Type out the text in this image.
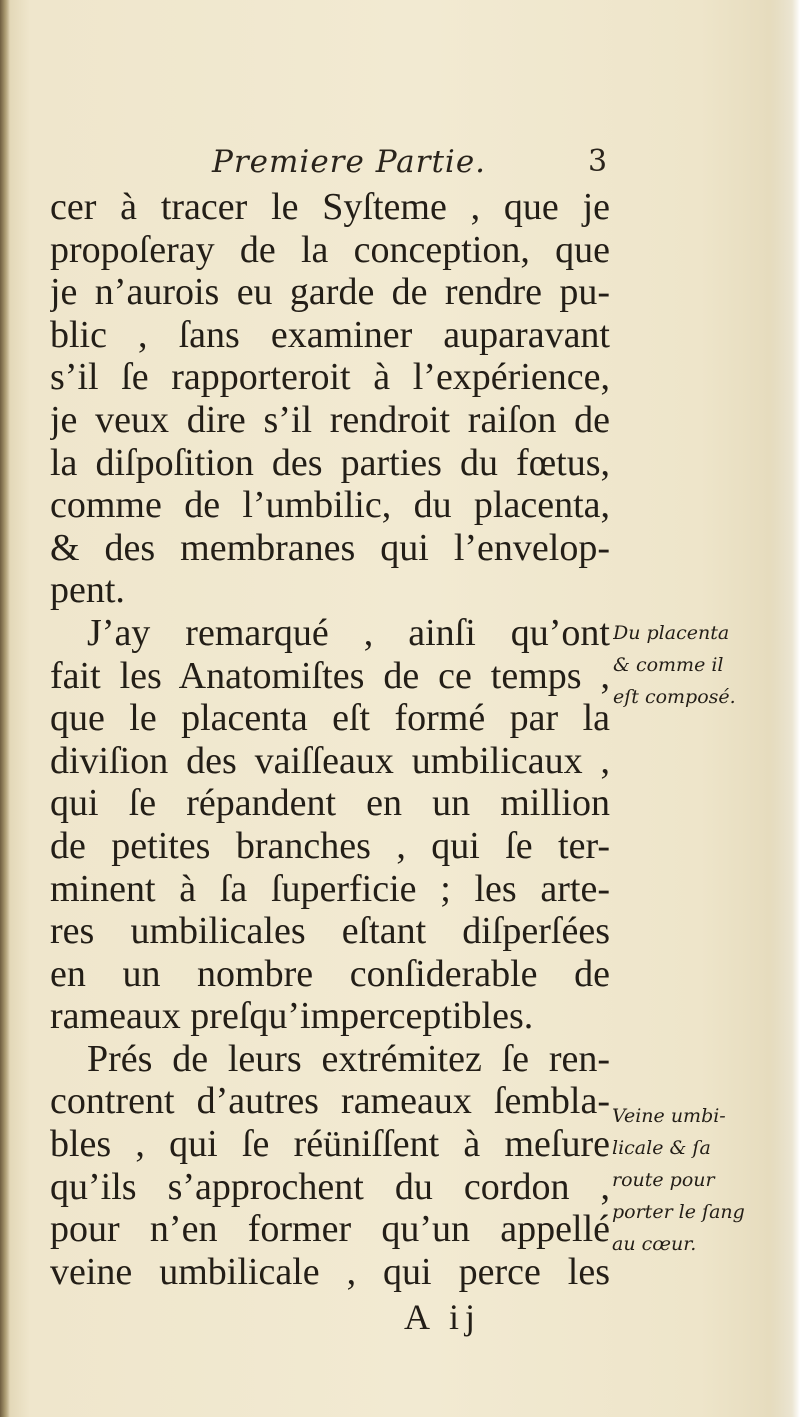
Premiere Partie.	3
cer à tracer le Syſteme , que je
propoſeray de la conception, que
je n’aurois eu garde de rendre pu-
blic , ſans examiner auparavant
s’il ſe rapporteroit à l’expérience,
je veux dire s’il rendroit raiſon de
la diſpoſition des parties du fœtus,
comme de l’umbilic, du placenta,
& des membranes qui l’envelop-
pent.
J’ay remarqué , ainſi qu’ont
fait les Anatomiſtes de ce temps ,
que le placenta eſt formé par la
diviſion des vaiſſeaux umbilicaux ,
qui ſe répandent en un million
de petites branches , qui ſe ter-
minent à ſa ſuperficie ; les arte-
res umbilicales eſtant diſperſées
en un nombre conſiderable de
rameaux preſqu’imperceptibles.
Prés de leurs extrémitez ſe ren-
contrent d’autres rameaux ſembla-
bles , qui ſe réüniſſent à meſure
qu’ils s’approchent du cordon ,
pour n’en former qu’un appellé
veine umbilicale , qui perce les
Du placenta
& comme il
eſt composé.
Veine umbi-
licale & ſa
route pour
porter le ſang
au cœur.
A ij
